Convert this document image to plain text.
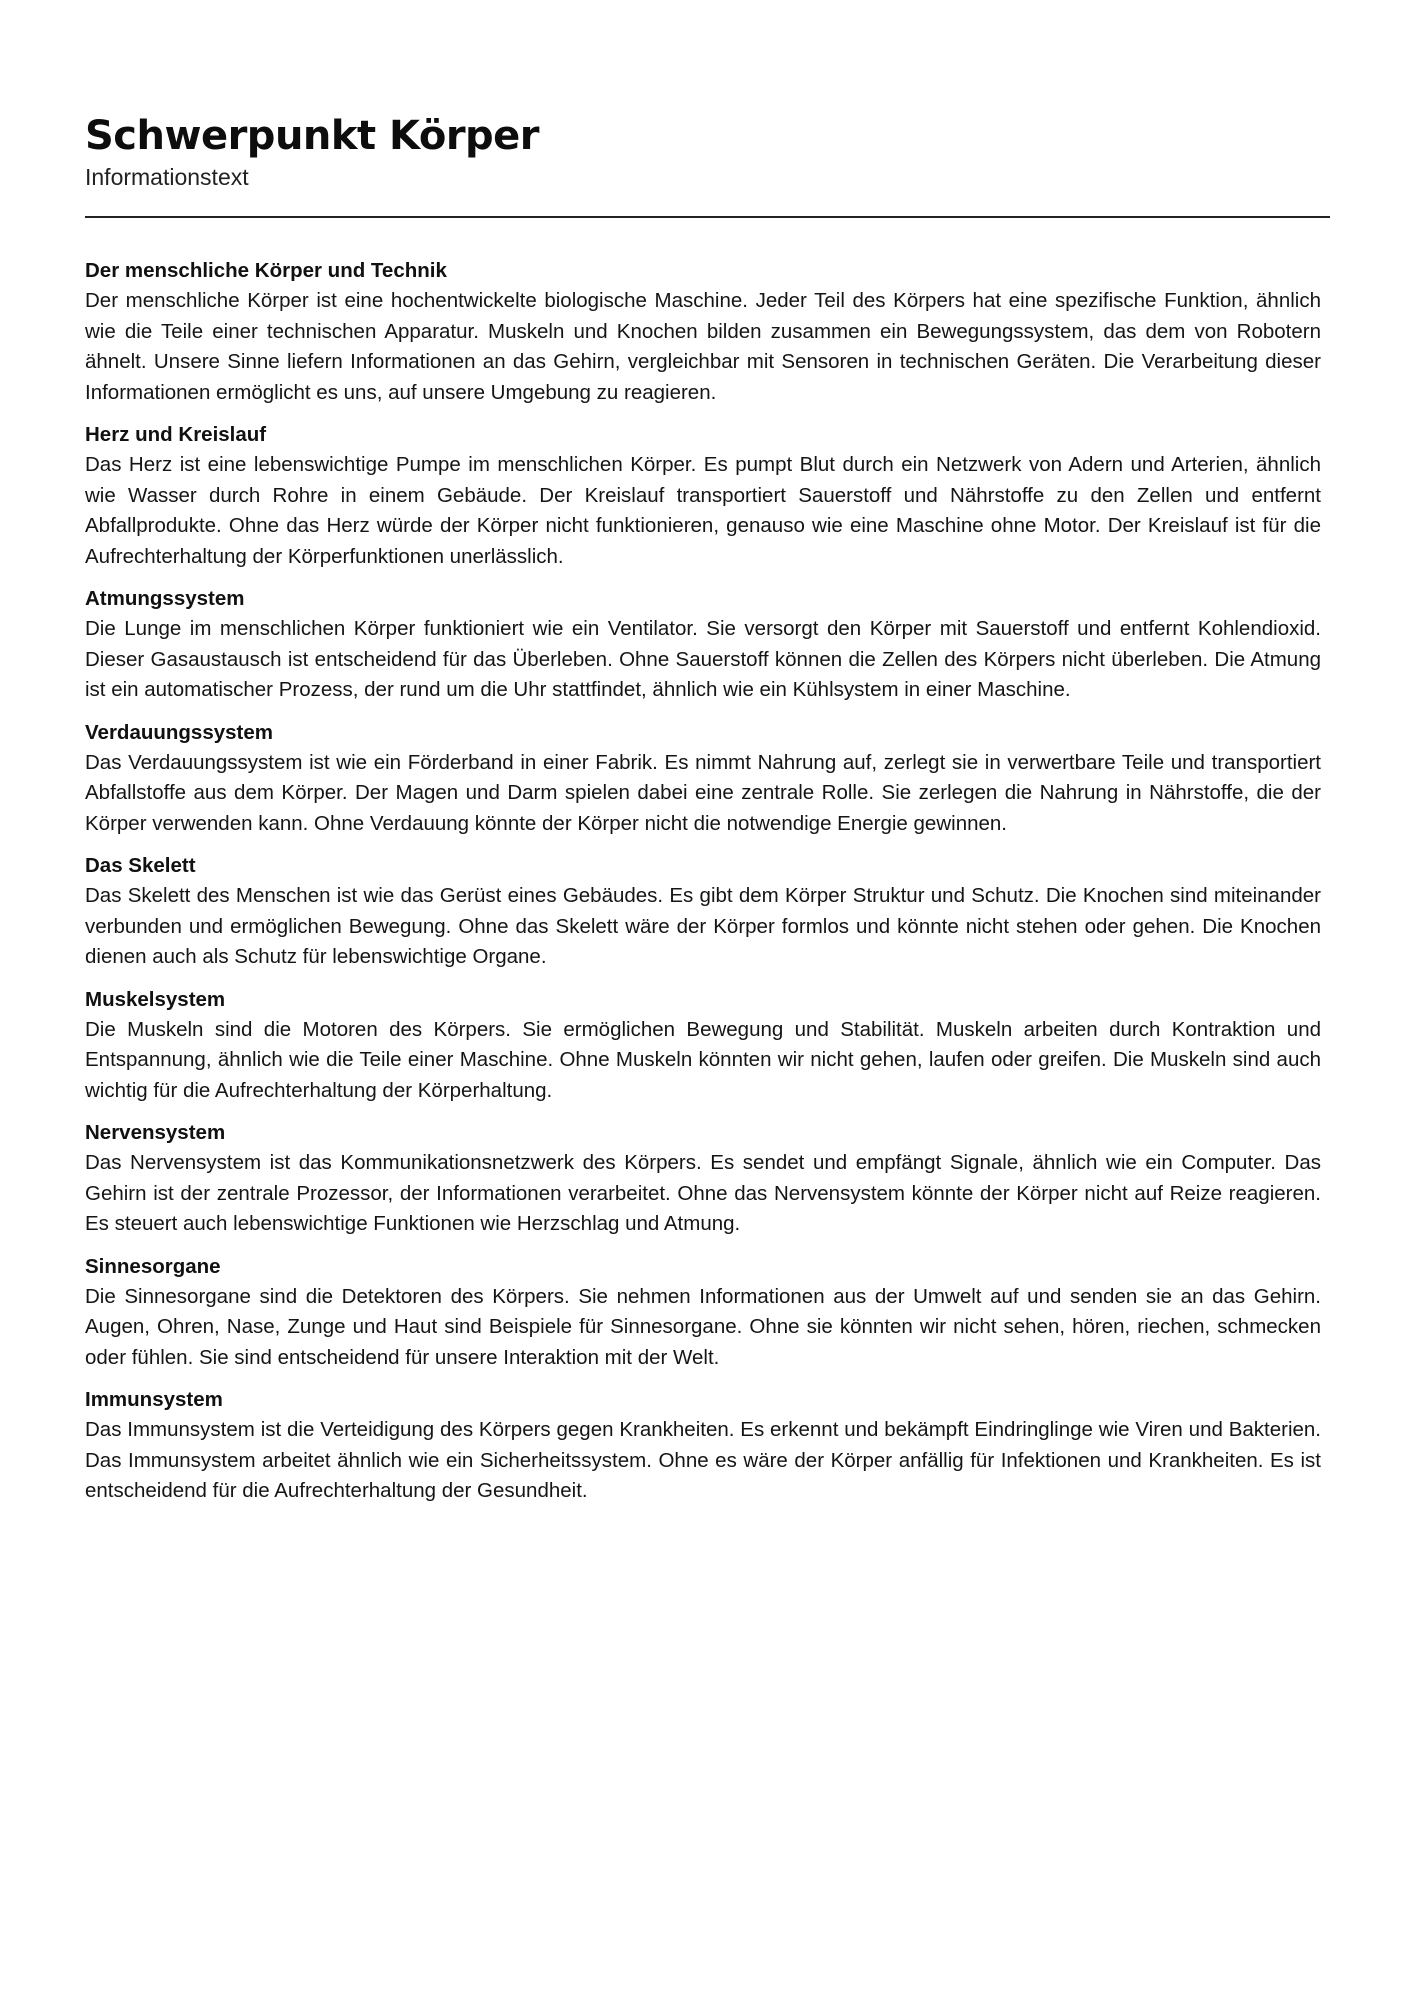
Schwerpunkt Körper
Informationstext
Der menschliche Körper und Technik

Der menschliche Körper ist eine hochentwickelte biologische Maschine. Jeder Teil des Körpers hat eine spezifische Funktion, ähnlich wie die Teile einer technischen Apparatur. Muskeln und Knochen bilden zusammen ein Bewegungssystem, das dem von Robotern ähnelt. Unsere Sinne liefern Informationen an das Gehirn, vergleichbar mit Sensoren in technischen Geräten. Die Verarbeitung dieser Informationen ermöglicht es uns, auf unsere Umgebung zu reagieren.

Herz und Kreislauf

Das Herz ist eine lebenswichtige Pumpe im menschlichen Körper. Es pumpt Blut durch ein Netzwerk von Adern und Arterien, ähnlich wie Wasser durch Rohre in einem Gebäude. Der Kreislauf transportiert Sauerstoff und Nährstoffe zu den Zellen und entfernt Abfallprodukte. Ohne das Herz würde der Körper nicht funktionieren, genauso wie eine Maschine ohne Motor. Der Kreislauf ist für die Aufrechterhaltung der Körperfunktionen unerlässlich.

Atmungssystem

Die Lunge im menschlichen Körper funktioniert wie ein Ventilator. Sie versorgt den Körper mit Sauerstoff und entfernt Kohlendioxid. Dieser Gasaustausch ist entscheidend für das Überleben. Ohne Sauerstoff können die Zellen des Körpers nicht überleben. Die Atmung ist ein automatischer Prozess, der rund um die Uhr stattfindet, ähnlich wie ein Kühlsystem in einer Maschine.

Verdauungssystem

Das Verdauungssystem ist wie ein Förderband in einer Fabrik. Es nimmt Nahrung auf, zerlegt sie in verwertbare Teile und transportiert Abfallstoffe aus dem Körper. Der Magen und Darm spielen dabei eine zentrale Rolle. Sie zerlegen die Nahrung in Nährstoffe, die der Körper verwenden kann. Ohne Verdauung könnte der Körper nicht die notwendige Energie gewinnen.

Das Skelett

Das Skelett des Menschen ist wie das Gerüst eines Gebäudes. Es gibt dem Körper Struktur und Schutz. Die Knochen sind miteinander verbunden und ermöglichen Bewegung. Ohne das Skelett wäre der Körper formlos und könnte nicht stehen oder gehen. Die Knochen dienen auch als Schutz für lebenswichtige Organe.

Muskelsystem

Die Muskeln sind die Motoren des Körpers. Sie ermöglichen Bewegung und Stabilität. Muskeln arbeiten durch Kontraktion und Entspannung, ähnlich wie die Teile einer Maschine. Ohne Muskeln könnten wir nicht gehen, laufen oder greifen. Die Muskeln sind auch wichtig für die Aufrechterhaltung der Körperhaltung.

Nervensystem

Das Nervensystem ist das Kommunikationsnetzwerk des Körpers. Es sendet und empfängt Signale, ähnlich wie ein Computer. Das Gehirn ist der zentrale Prozessor, der Informationen verarbeitet. Ohne das Nervensystem könnte der Körper nicht auf Reize reagieren. Es steuert auch lebenswichtige Funktionen wie Herzschlag und Atmung.

Sinnesorgane

Die Sinnesorgane sind die Detektoren des Körpers. Sie nehmen Informationen aus der Umwelt auf und senden sie an das Gehirn. Augen, Ohren, Nase, Zunge und Haut sind Beispiele für Sinnesorgane. Ohne sie könnten wir nicht sehen, hören, riechen, schmecken oder fühlen. Sie sind entscheidend für unsere Interaktion mit der Welt.

Immunsystem

Das Immunsystem ist die Verteidigung des Körpers gegen Krankheiten. Es erkennt und bekämpft Eindringlinge wie Viren und Bakterien. Das Immunsystem arbeitet ähnlich wie ein Sicherheitssystem. Ohne es wäre der Körper anfällig für Infektionen und Krankheiten. Es ist entscheidend für die Aufrechterhaltung der Gesundheit.
